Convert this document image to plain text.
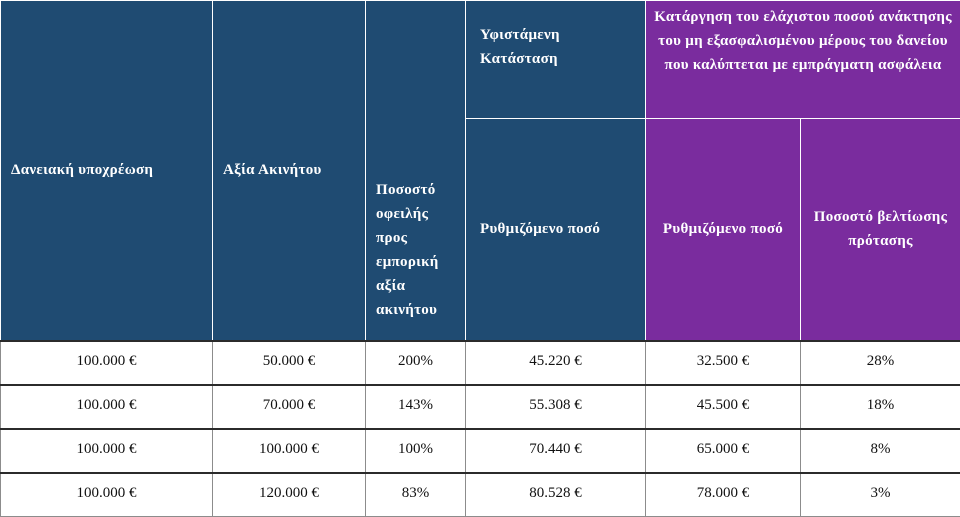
Δανειακή υποχρέωση	Αξία Ακινήτου	Ποσοστό οφειλής προς εμπορική αξία ακινήτου	Υφιστάμενη Κατάσταση	Κατάργηση του ελάχιστου ποσού ανάκτησης του μη εξασφαλισμένου μέρους του δανείου που καλύπτεται με εμπράγματη ασφάλεια	
			Ρυθμιζόμενο ποσό	Ρυθμιζόμενο ποσό	Ποσοστό βελτίωσης πρότασης
100.000 €	50.000 €	200%	45.220 €	32.500 €	28%
100.000 €	70.000 €	143%	55.308 €	45.500 €	18%
100.000 €	100.000 €	100%	70.440 €	65.000 €	8%
100.000 €	120.000 €	83%	80.528 €	78.000 €	3%
